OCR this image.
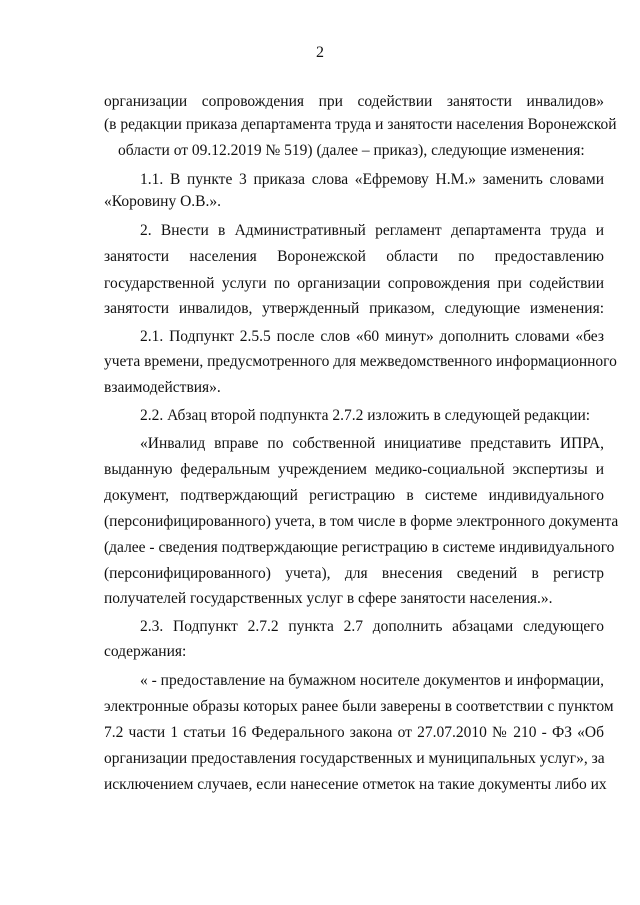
2
организации сопровождения при содействии занятости инвалидов»
(в редакции приказа департамента труда и занятости населения Воронежской
области от 09.12.2019 № 519) (далее – приказ), следующие изменения:
1.1. В пункте 3 приказа слова «Ефремову Н.М.» заменить словами
«Коровину О.В.».
2. Внести в Административный регламент департамента труда и
занятости населения Воронежской области по предоставлению
государственной услуги по организации сопровождения при содействии
занятости инвалидов, утвержденный приказом, следующие изменения:
2.1. Подпункт 2.5.5 после слов «60 минут» дополнить словами «без
учета времени, предусмотренного для межведомственного информационного
взаимодействия».
2.2. Абзац второй подпункта 2.7.2 изложить в следующей редакции:
«Инвалид вправе по собственной инициативе представить ИПРА,
выданную федеральным учреждением медико-социальной экспертизы и
документ, подтверждающий регистрацию в системе индивидуального
(персонифицированного) учета, в том числе в форме электронного документа
(далее - сведения подтверждающие регистрацию в системе индивидуального
(персонифицированного) учета), для внесения сведений в регистр
получателей государственных услуг в сфере занятости населения.».
2.3. Подпункт 2.7.2 пункта 2.7 дополнить абзацами следующего
содержания:
« - предоставление на бумажном носителе документов и информации,
электронные образы которых ранее были заверены в соответствии с пунктом
7.2 части 1 статьи 16 Федерального закона от 27.07.2010 № 210 - ФЗ «Об
организации предоставления государственных и муниципальных услуг», за
исключением случаев, если нанесение отметок на такие документы либо их
